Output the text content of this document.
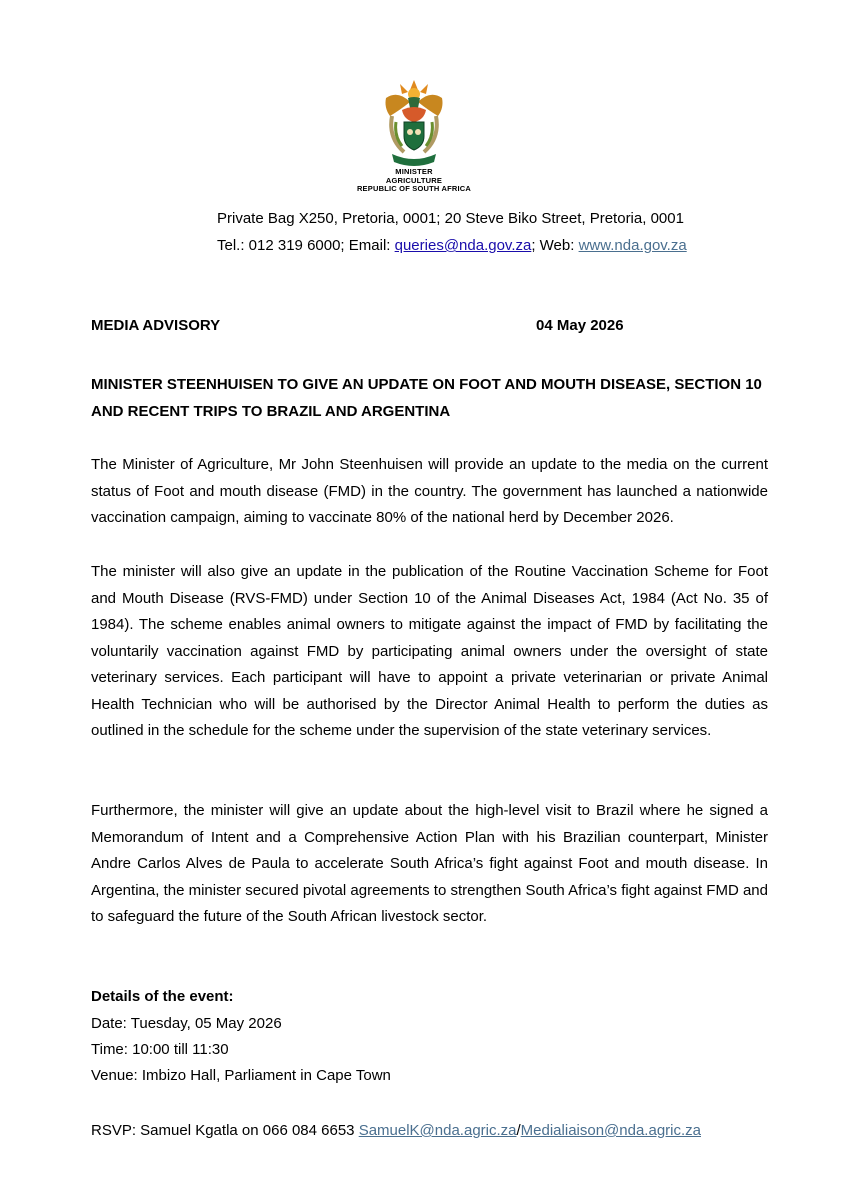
MINISTER
AGRICULTURE
REPUBLIC OF SOUTH AFRICA
Private Bag X250, Pretoria, 0001; 20 Steve Biko Street, Pretoria, 0001
Tel.: 012 319 6000; Email: queries@nda.gov.za; Web: www.nda.gov.za
MEDIA ADVISORY	04 May 2026
MINISTER STEENHUISEN TO GIVE AN UPDATE ON FOOT AND MOUTH DISEASE, SECTION 10 AND RECENT TRIPS TO BRAZIL AND ARGENTINA

The Minister of Agriculture, Mr John Steenhuisen will provide an update to the media on the current status of Foot and mouth disease (FMD) in the country. The government has launched a nationwide vaccination campaign, aiming to vaccinate 80% of the national herd by December 2026.

The minister will also give an update in the publication of the Routine Vaccination Scheme for Foot and Mouth Disease (RVS-FMD) under Section 10 of the Animal Diseases Act, 1984 (Act No. 35 of 1984). The scheme enables animal owners to mitigate against the impact of FMD by facilitating the voluntarily vaccination against FMD by participating animal owners under the oversight of state veterinary services. Each participant will have to appoint a private veterinarian or private Animal Health Technician who will be authorised by the Director Animal Health to perform the duties as outlined in the schedule for the scheme under the supervision of the state veterinary services.

Furthermore, the minister will give an update about the high-level visit to Brazil where he signed a Memorandum of Intent and a Comprehensive Action Plan with his Brazilian counterpart, Minister Andre Carlos Alves de Paula to accelerate South Africa’s fight against Foot and mouth disease. In Argentina, the minister secured pivotal agreements to strengthen South Africa’s fight against FMD and to safeguard the future of the South African livestock sector.

Details of the event:
Date: Tuesday, 05 May 2026
Time: 10:00 till 11:30
Venue: Imbizo Hall, Parliament in Cape Town
RSVP: Samuel Kgatla on 066 084 6653 SamuelK@nda.agric.za/Medialiaison@nda.agric.za
